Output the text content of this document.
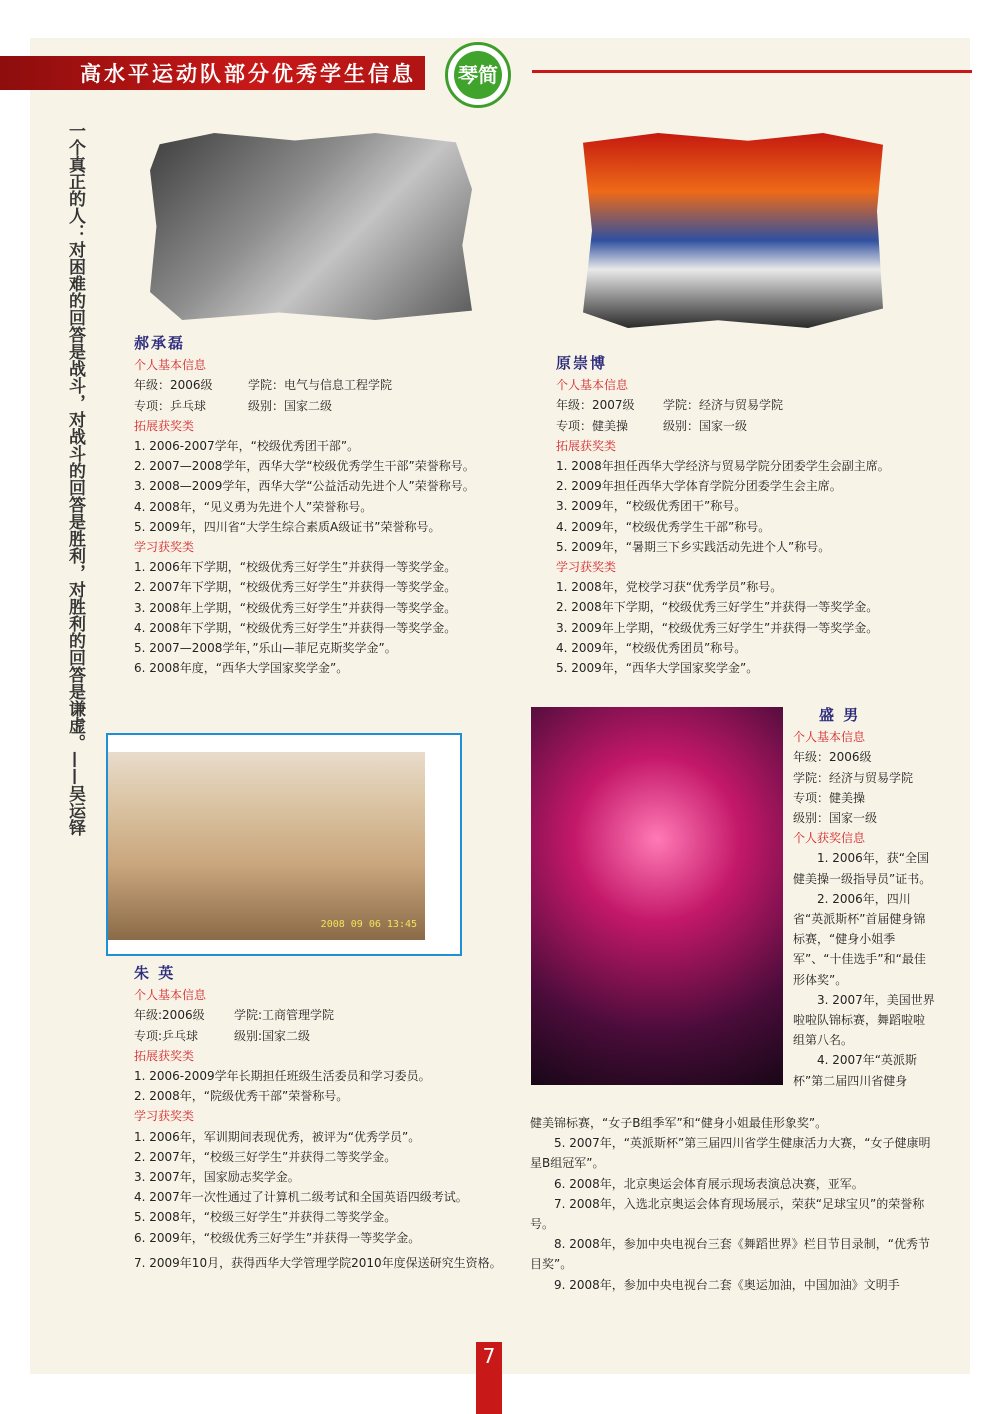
高水平运动队部分优秀学生信息 琴简
一个真正的人：对困难的回答是战斗，对战斗的回答是胜利，对胜利的回答是谦虚。——吴运铎
2008 09 06 13:45
郝承磊
个人基本信息
年级：2006级	学院：电气与信息工程学院
专项：乒乓球	级别：国家二级
拓展获奖类
1. 2006-2007学年，“校级优秀团干部”。
2. 2007—2008学年，西华大学“校级优秀学生干部”荣誉称号。
3. 2008—2009学年，西华大学“公益活动先进个人”荣誉称号。
4. 2008年，“见义勇为先进个人”荣誉称号。
5. 2009年，四川省“大学生综合素质A级证书”荣誉称号。
学习获奖类
1. 2006年下学期，“校级优秀三好学生”并获得一等奖学金。
2. 2007年下学期，“校级优秀三好学生”并获得一等奖学金。
3. 2008年上学期，“校级优秀三好学生”并获得一等奖学金。
4. 2008年下学期，“校级优秀三好学生”并获得一等奖学金。
5. 2007—2008学年，”乐山—菲尼克斯奖学金”。
6. 2008年度，“西华大学国家奖学金”。
原崇博
个人基本信息
年级：2007级 学院：经济与贸易学院
专项：健美操	级别：国家一级
拓展获奖类
1. 2008年担任西华大学经济与贸易学院分团委学生会副主席。
2. 2009年担任西华大学体育学院分团委学生会主席。
3. 2009年，“校级优秀团干”称号。
4. 2009年，“校级优秀学生干部”称号。
5. 2009年，“暑期三下乡实践活动先进个人”称号。
学习获奖类
1. 2008年，党校学习获“优秀学员”称号。
2. 2008年下学期，“校级优秀三好学生”并获得一等奖学金。
3. 2009年上学期，“校级优秀三好学生”并获得一等奖学金。
4. 2009年，“校级优秀团员”称号。
5. 2009年，“西华大学国家奖学金”。
朱 英
个人基本信息
年级:2006级 学院:工商管理学院
专项:乒乓球	级别:国家二级
拓展获奖类
1. 2006-2009学年长期担任班级生活委员和学习委员。
2. 2008年，“院级优秀干部”荣誉称号。
学习获奖类
1. 2006年，军训期间表现优秀，被评为“优秀学员”。
2. 2007年，“校级三好学生”并获得二等奖学金。
3. 2007年，国家励志奖学金。
4. 2007年一次性通过了计算机二级考试和全国英语四级考试。
5. 2008年，“校级三好学生”并获得二等奖学金。
6. 2009年，“校级优秀三好学生”并获得一等奖学金。
7. 2009年10月，获得西华大学管理学院2010年度保送研究生资格。
盛 男
个人基本信息
年级：2006级
学院：经济与贸易学院
专项：健美操
级别：国家一级
个人获奖信息
1. 2006年，获“全国健美操一级指导员”证书。
2. 2006年，四川省“英派斯杯”首届健身锦标赛，“健身小姐季军”、“十佳选手”和“最佳形体奖”。
3. 2007年，美国世界啦啦队锦标赛，舞蹈啦啦组第八名。
4. 2007年“英派斯
杯”第二届四川省健身
健美锦标赛，“女子B组季军”和“健身小姐最佳形象奖”。
5. 2007年，“英派斯杯”第三届四川省学生健康活力大赛，“女子健康明星B组冠军”。
6. 2008年，北京奥运会体育展示现场表演总决赛，亚军。
7. 2008年，入选北京奥运会体育现场展示，荣获“足球宝贝”的荣誉称号。
8. 2008年，参加中央电视台三套《舞蹈世界》栏目节目录制，“优秀节目奖”。
9. 2008年，参加中央电视台二套《奥运加油，中国加油》文明手
7
